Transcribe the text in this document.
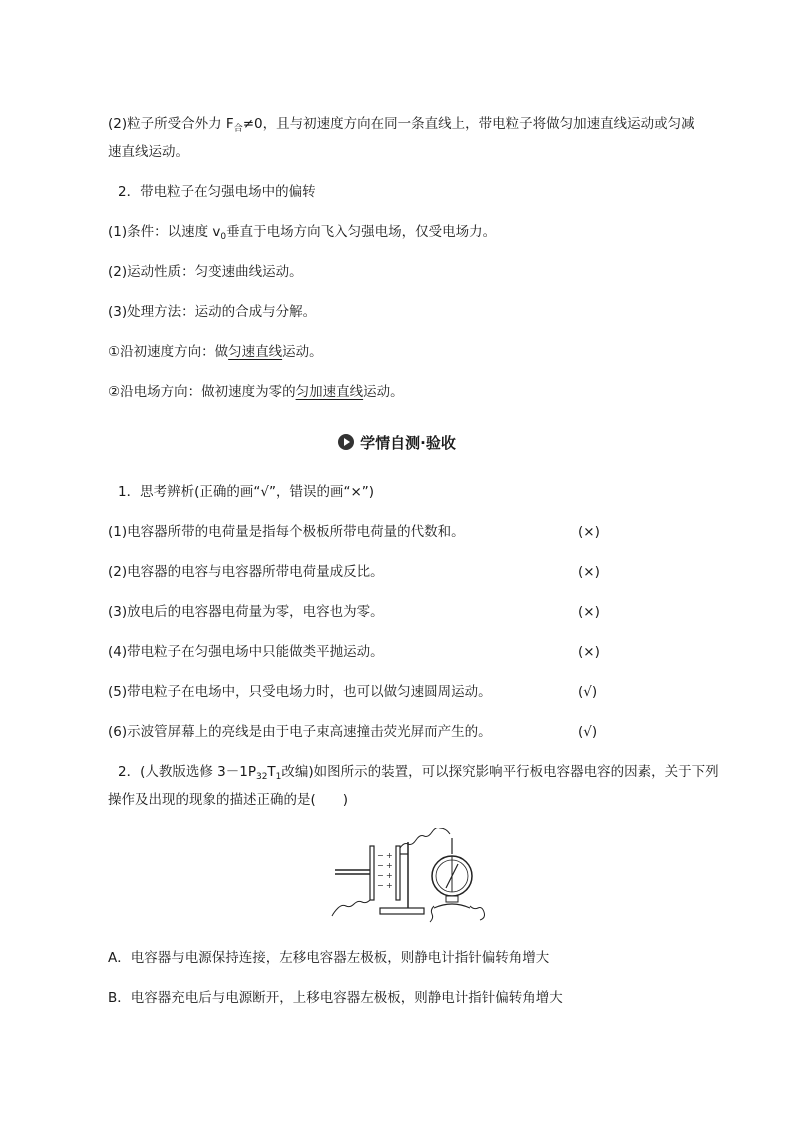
(2)粒子所受合外力 $F_合\ne 0$，且与初速度方向在同一条直线上，带电粒子将做匀加速直线运动或匀减
速直线运动。
2．带电粒子在匀强电场中的偏转
(1)条件：以速度 $v_0$垂直于电场方向飞入匀强电场，仅受电场力。
(2)运动性质：匀变速曲线运动。
(3)处理方法：运动的合成与分解。
①沿初速度方向：做匀速直线运动。
②沿电场方向：做初速度为零的匀加速直线运动。
学情自测·验收
1．思考辨析(正确的画“√”，错误的画“×”)
(1)电容器所带的电荷量是指每个极板所带电荷量的代数和。	(×)
(2)电容器的电容与电容器所带电荷量成反比。	(×)
(3)放电后的电容器电荷量为零，电容也为零。	(×)
(4)带电粒子在匀强电场中只能做类平抛运动。	(×)
(5)带电粒子在电场中，只受电场力时，也可以做匀速圆周运动。	(√)
(6)示波管屏幕上的亮线是由于电子束高速撞击荧光屏而产生的。	(√)
2．(人教版选修 $3-1P_{32}T_1$改编)如图所示的装置，可以探究影响平行板电容器电容的因素，关于下列
操作及出现的现象的描述正确的是(　　)
−
−
−
−
+
+
+
+
A．电容器与电源保持连接，左移电容器左极板，则静电计指针偏转角增大
B．电容器充电后与电源断开，上移电容器左极板，则静电计指针偏转角增大
